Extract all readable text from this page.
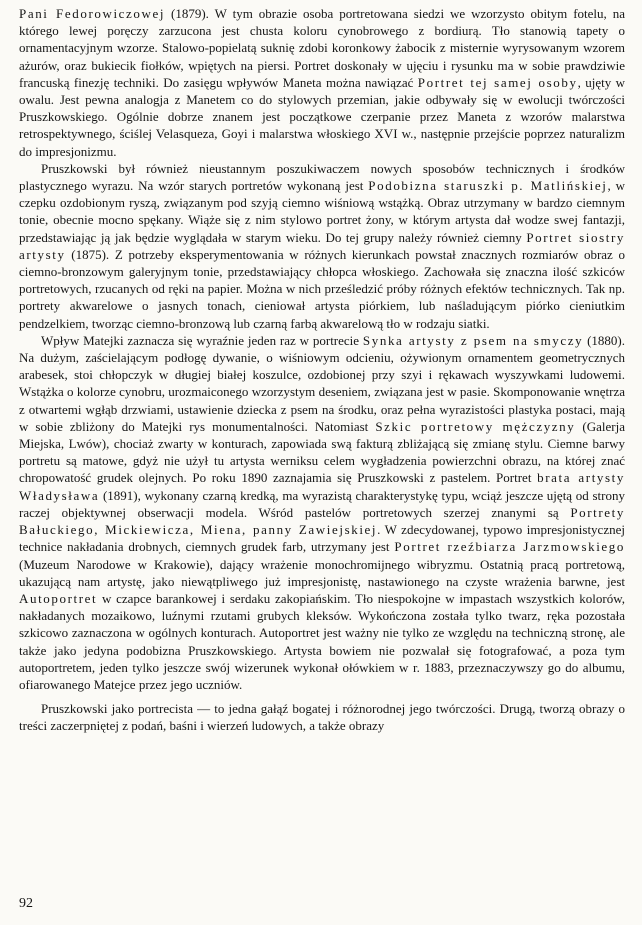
Pani Fedorowiczowej (1879). W tym obrazie osoba portretowana siedzi we wzorzysto obitym fotelu, na którego lewej poręczy zarzucona jest chusta koloru cynobrowego z bordiurą. Tło stanowią tapety o ornamentacyjnym wzorze. Stalowo-popielatą suknię zdobi koronkowy żabocik z misternie wyrysowanym wzorem ażurów, oraz bukiecik fiołków, wpiętych na piersi. Portret doskonały w ujęciu i rysunku ma w sobie prawdziwie francuską finezję techniki. Do zasięgu wpływów Maneta można nawiązać Portret tej samej osoby, ujęty w owalu. Jest pewna analogja z Manetem co do stylowych przemian, jakie odbywały się w ewolucji twórczości Pruszkowskiego. Ogólnie dobrze znanem jest początkowe czerpanie przez Maneta z wzorów malarstwa retrospektywnego, ściślej Velasqueza, Goyi i malarstwa włoskiego XVI w., następnie przejście poprzez naturalizm do impresjonizmu.

Pruszkowski był również nieustannym poszukiwaczem nowych sposobów technicznych i środków plastycznego wyrazu. Na wzór starych portretów wykonaną jest Podobizna staruszki p. Matlińskiej, w czepku ozdobionym ryszą, związanym pod szyją ciemno wiśniową wstążką. Obraz utrzymany w bardzo ciemnym tonie, obecnie mocno spękany. Wiąże się z nim stylowo portret żony, w którym artysta dał wodze swej fantazji, przedstawiając ją jak będzie wyglądała w starym wieku. Do tej grupy należy również ciemny Portret siostry artysty (1875). Z potrzeby eksperymentowania w różnych kierunkach powstał znacznych rozmiarów obraz o ciemno-bronzowym galeryjnym tonie, przedstawiający chłopca włoskiego. Zachowała się znaczna ilość szkiców portretowych, rzucanych od ręki na papier. Można w nich prześledzić próby różnych efektów technicznych. Tak np. portrety akwarelowe o jasnych tonach, cieniował artysta piórkiem, lub naśladującym piórko cieniutkim pendzelkiem, tworząc ciemno-bronzową lub czarną farbą akwarelową tło w rodzaju siatki.

Wpływ Matejki zaznacza się wyraźnie jeden raz w portrecie Synka artysty z psem na smyczy (1880). Na dużym, zaścielającym podłogę dywanie, o wiśniowym odcieniu, ożywionym ornamentem geometrycznych arabesek, stoi chłopczyk w długiej białej koszulce, ozdobionej przy szyi i rękawach wyszywkami ludowemi. Wstążka o kolorze cynobru, urozmaiconego wzorzystym deseniem, związana jest w pasie. Skomponowanie wnętrza z otwartemi wgłąb drzwiami, ustawienie dziecka z psem na środku, oraz pełna wyrazistości plastyka postaci, mają w sobie zbliżony do Matejki rys monumentalności. Natomiast Szkic portretowy mężczyzny (Galerja Miejska, Lwów), chociaż zwarty w konturach, zapowiada swą fakturą zbliżającą się zmianę stylu. Ciemne barwy portretu są matowe, gdyż nie użył tu artysta werniksu celem wygładzenia powierzchni obrazu, na której znać chropowatość grudek olejnych. Po roku 1890 zaznajamia się Pruszkowski z pastelem. Portret brata artysty Władysława (1891), wykonany czarną kredką, ma wyrazistą charakterystykę typu, wciąż jeszcze ujętą od strony raczej objektywnej obserwacji modela. Wśród pastelów portretowych szerzej znanymi są Portrety Bałuckiego, Mickiewicza, Miena, panny Zawiejskiej. W zdecydowanej, typowo impresjonistycznej technice nakładania drobnych, ciemnych grudek farb, utrzymany jest Portret rzeźbiarza Jarzmowskiego (Muzeum Narodowe w Krakowie), dający wrażenie monochromijnego wibryzmu. Ostatnią pracą portretową, ukazującą nam artystę, jako niewątpliwego już impresjonistę, nastawionego na czyste wrażenia barwne, jest Autoportret w czapce barankowej i serdaku zakopiańskim. Tło niespokojne w impastach wszystkich kolorów, nakładanych mozaikowo, luźnymi rzutami grubych kleksów. Wykończona została tylko twarz, ręka pozostała szkicowo zaznaczona w ogólnych konturach. Autoportret jest ważny nie tylko ze względu na techniczną stronę, ale także jako jedyna podobizna Pruszkowskiego. Artysta bowiem nie pozwalał się fotografować, a poza tym autoportretem, jeden tylko jeszcze swój wizerunek wykonał ołówkiem w r. 1883, przeznaczywszy go do albumu, ofiarowanego Matejce przez jego uczniów.

Pruszkowski jako portrecista — to jedna gałąź bogatej i różnorodnej jego twórczości. Drugą, tworzą obrazy o treści zaczerpniętej z podań, baśni i wierzeń ludowych, a także obrazy

92
